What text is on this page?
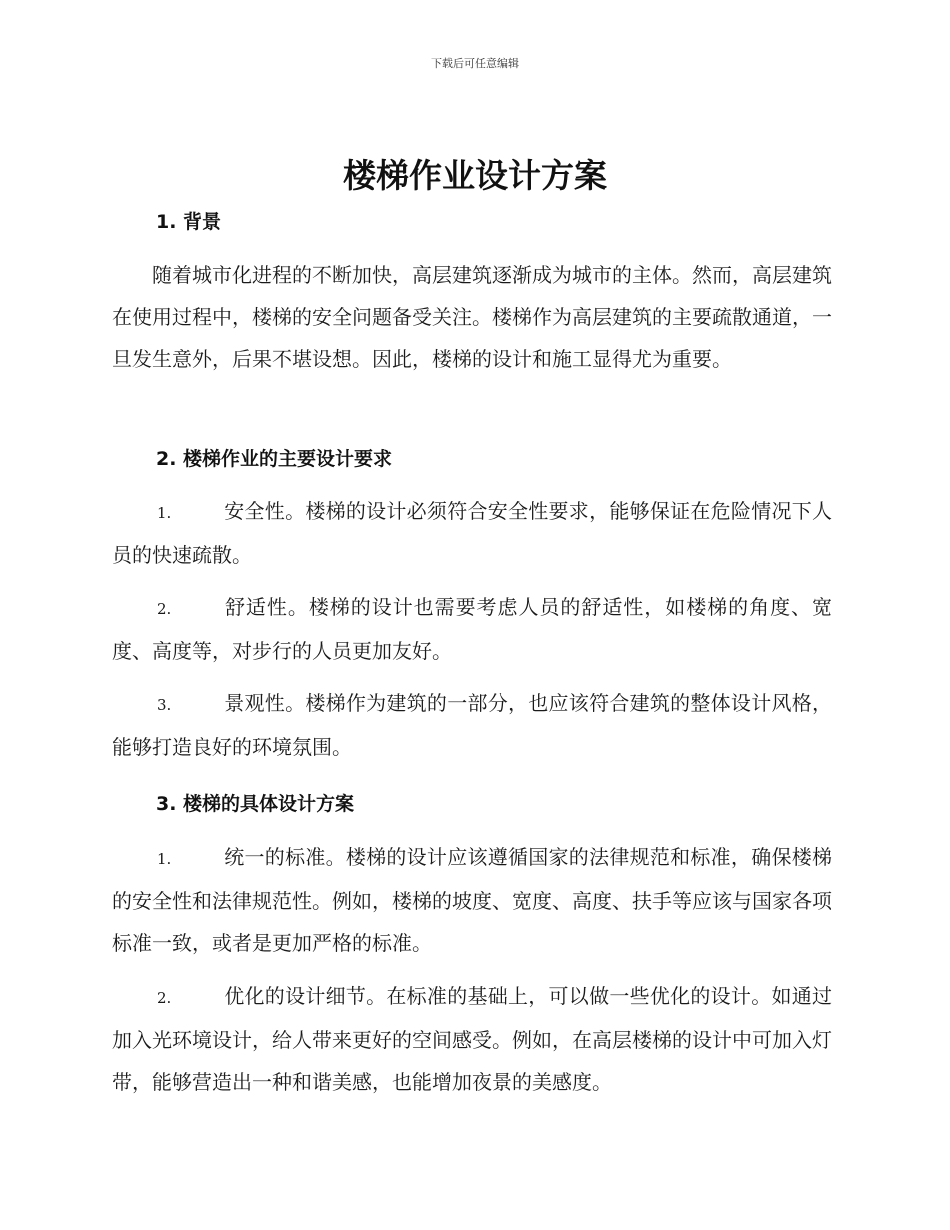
下载后可任意编辑
楼梯作业设计方案
1. 背景
随着城市化进程的不断加快，高层建筑逐渐成为城市的主体。然而，高层建筑在使用过程中，楼梯的安全问题备受关注。楼梯作为高层建筑的主要疏散通道，一旦发生意外，后果不堪设想。因此，楼梯的设计和施工显得尤为重要。
2. 楼梯作业的主要设计要求
1.	安全性。楼梯的设计必须符合安全性要求，能够保证在危险情况下人员的快速疏散。
2.	舒适性。楼梯的设计也需要考虑人员的舒适性，如楼梯的角度、宽度、高度等，对步行的人员更加友好。
3.	景观性。楼梯作为建筑的一部分，也应该符合建筑的整体设计风格，能够打造良好的环境氛围。
3. 楼梯的具体设计方案
1.	统一的标准。楼梯的设计应该遵循国家的法律规范和标准，确保楼梯的安全性和法律规范性。例如，楼梯的坡度、宽度、高度、扶手等应该与国家各项标准一致，或者是更加严格的标准。
2.	优化的设计细节。在标准的基础上，可以做一些优化的设计。如通过加入光环境设计，给人带来更好的空间感受。例如，在高层楼梯的设计中可加入灯带，能够营造出一种和谐美感，也能增加夜景的美感度。
